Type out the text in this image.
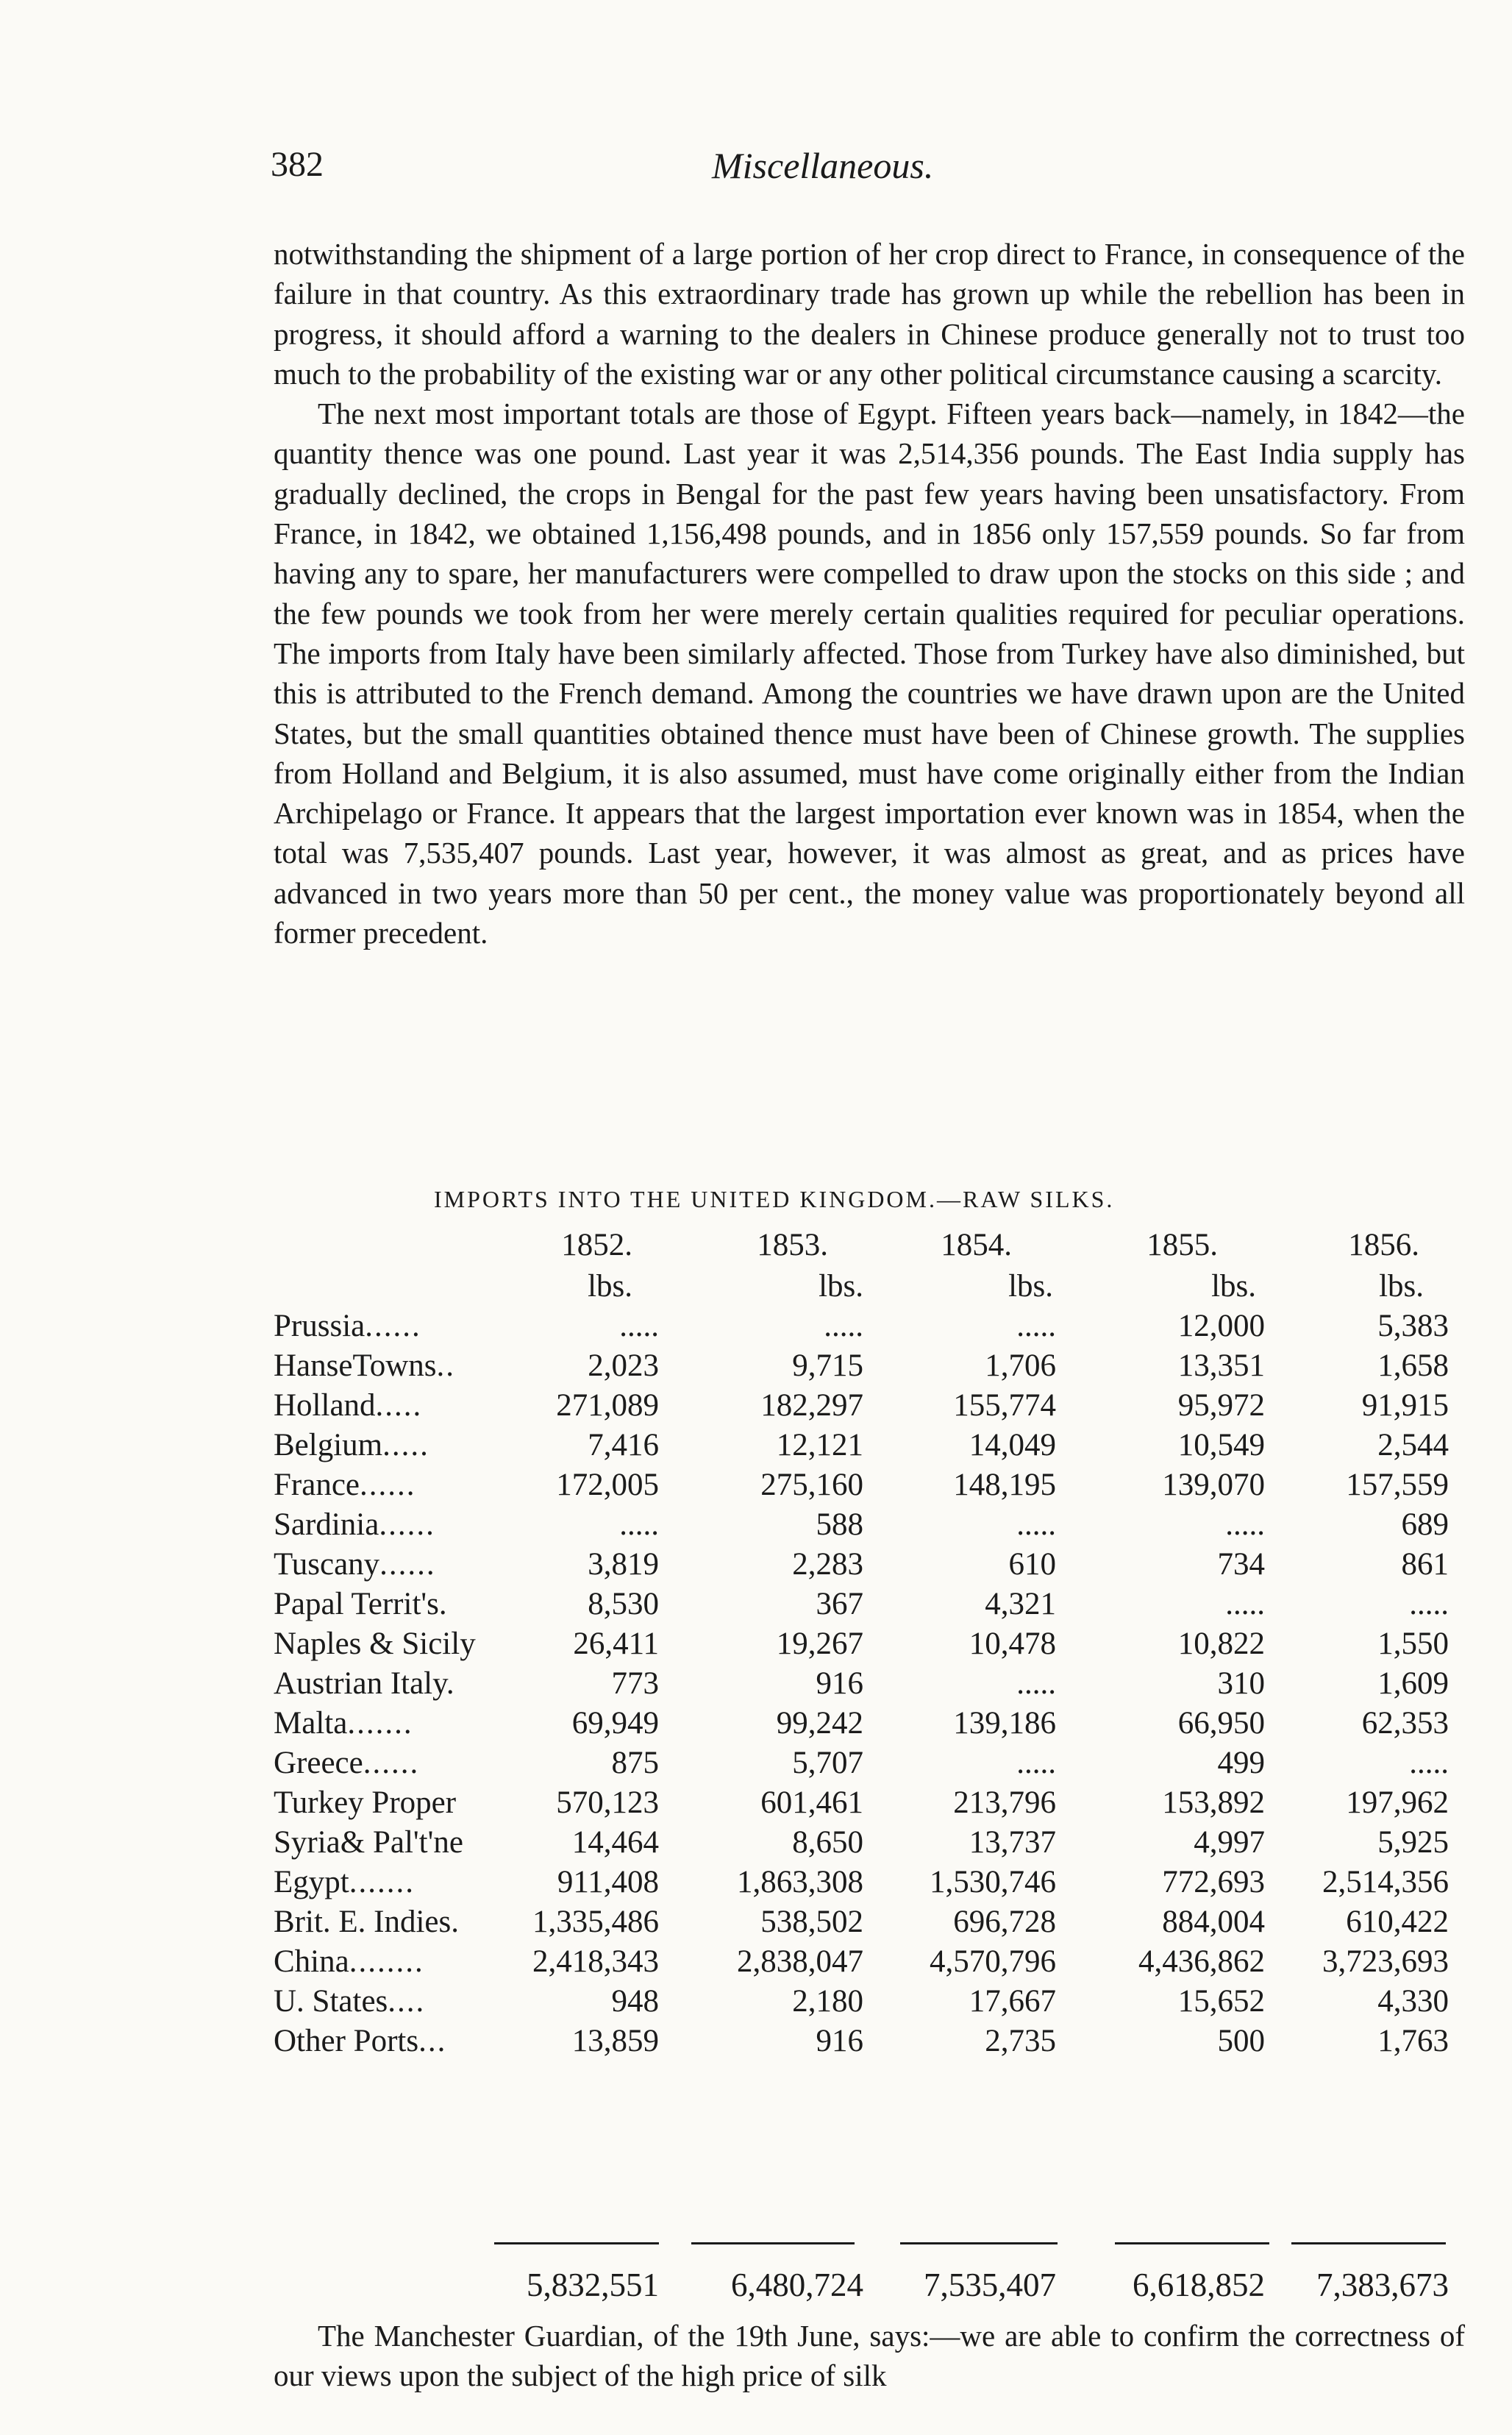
382	Miscellaneous.

notwithstanding the shipment of a large portion of her crop direct to France, in consequence of the failure in that country. As this extraordinary trade has grown up while the rebellion has been in progress, it should afford a warning to the dealers in Chinese produce generally not to trust too much to the probability of the existing war or any other political circumstance causing a scarcity.

The next most important totals are those of Egypt. Fifteen years back—namely, in 1842—the quantity thence was one pound. Last year it was 2,514,356 pounds. The East India supply has gradually declined, the crops in Bengal for the past few years having been unsatisfactory. From France, in 1842, we obtained 1,156,498 pounds, and in 1856 only 157,559 pounds. So far from having any to spare, her manufacturers were compelled to draw upon the stocks on this side ; and the few pounds we took from her were merely certain qualities required for peculiar operations. The imports from Italy have been similarly affected. Those from Turkey have also diminished, but this is attributed to the French demand. Among the countries we have drawn upon are the United States, but the small quantities obtained thence must have been of Chinese growth. The supplies from Holland and Belgium, it is also assumed, must have come originally either from the Indian Archipelago or France. It appears that the largest importation ever known was in 1854, when the total was 7,535,407 pounds. Last year, however, it was almost as great, and as prices have advanced in two years more than 50 per cent., the money value was proportionately beyond all former precedent.

IMPORTS INTO THE UNITED KINGDOM.—RAW SILKS.
1852.	1853.	1854.	1855.	1856.
lbs.	lbs.	lbs.	lbs.	lbs.
Prussia......	.....	.....	.....	12,000	5,383
HanseTowns..	2,023	9,715	1,706	13,351	1,658
Holland.....	271,089	182,297	155,774	95,972	91,915
Belgium.....	7,416	12,121	14,049	10,549	2,544
France......	172,005	275,160	148,195	139,070	157,559
Sardinia......	.....	588	.....	.....	689
Tuscany......	3,819	2,283	610	734	861
Papal Territ's.	8,530	367	4,321	.....	.....
Naples & Sicily	26,411	19,267	10,478	10,822	1,550
Austrian Italy.	773	916	.....	310	1,609
Malta.......	69,949	99,242	139,186	66,950	62,353
Greece......	875	5,707	.....	499	.....
Turkey Proper	570,123	601,461	213,796	153,892	197,962
Syria& Pal't'ne	14,464	8,650	13,737	4,997	5,925
Egypt.......	911,408 1,863,308 1,530,746	772,693 2,514,356
Brit. E. Indies. 1,335,486	538,502	696,728	884,004	610,422
China........	2,418,343 2,838,047 4,570,796	4,436,862 3,723,693
U. States....	948	2,180	17,667	15,652	4,330
Other Ports...	13,859	916	2,735	500	1,763
5,832,551 6,480,724 7,535,407 6,618,852 7,383,673

The Manchester Guardian, of the 19th June, says:—we are able to confirm the correctness of our views upon the subject of the high price of silk
